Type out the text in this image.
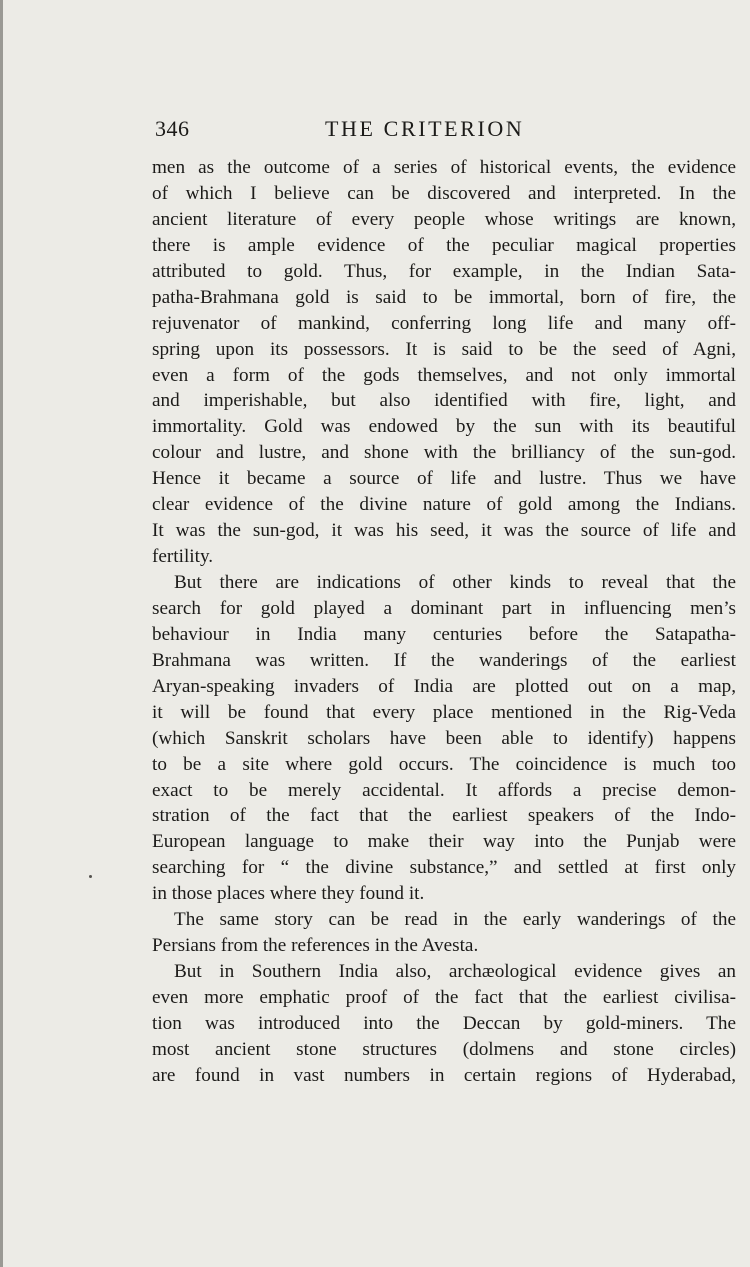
346	THE CRITERION
men as the outcome of a series of historical events, the evidence
of which I believe can be discovered and interpreted. In the
ancient literature of every people whose writings are known,
there is ample evidence of the peculiar magical properties
attributed to gold. Thus, for example, in the Indian Sata-
patha-Brahmana gold is said to be immortal, born of fire, the
rejuvenator of mankind, conferring long life and many off-
spring upon its possessors. It is said to be the seed of Agni,
even a form of the gods themselves, and not only immortal
and imperishable, but also identified with fire, light, and
immortality. Gold was endowed by the sun with its beautiful
colour and lustre, and shone with the brilliancy of the sun-god.
Hence it became a source of life and lustre. Thus we have
clear evidence of the divine nature of gold among the Indians.
It was the sun-god, it was his seed, it was the source of life and
fertility.
But there are indications of other kinds to reveal that the
search for gold played a dominant part in influencing men’s
behaviour in India many centuries before the Satapatha-
Brahmana was written. If the wanderings of the earliest
Aryan-speaking invaders of India are plotted out on a map,
it will be found that every place mentioned in the Rig-Veda
(which Sanskrit scholars have been able to identify) happens
to be a site where gold occurs. The coincidence is much too
exact to be merely accidental. It affords a precise demon-
stration of the fact that the earliest speakers of the Indo-
European language to make their way into the Punjab were
searching for “ the divine substance,” and settled at first only
in those places where they found it.
The same story can be read in the early wanderings of the
Persians from the references in the Avesta.
But in Southern India also, archæological evidence gives an
even more emphatic proof of the fact that the earliest civilisa-
tion was introduced into the Deccan by gold-miners. The
most ancient stone structures (dolmens and stone circles)
are found in vast numbers in certain regions of Hyderabad,
